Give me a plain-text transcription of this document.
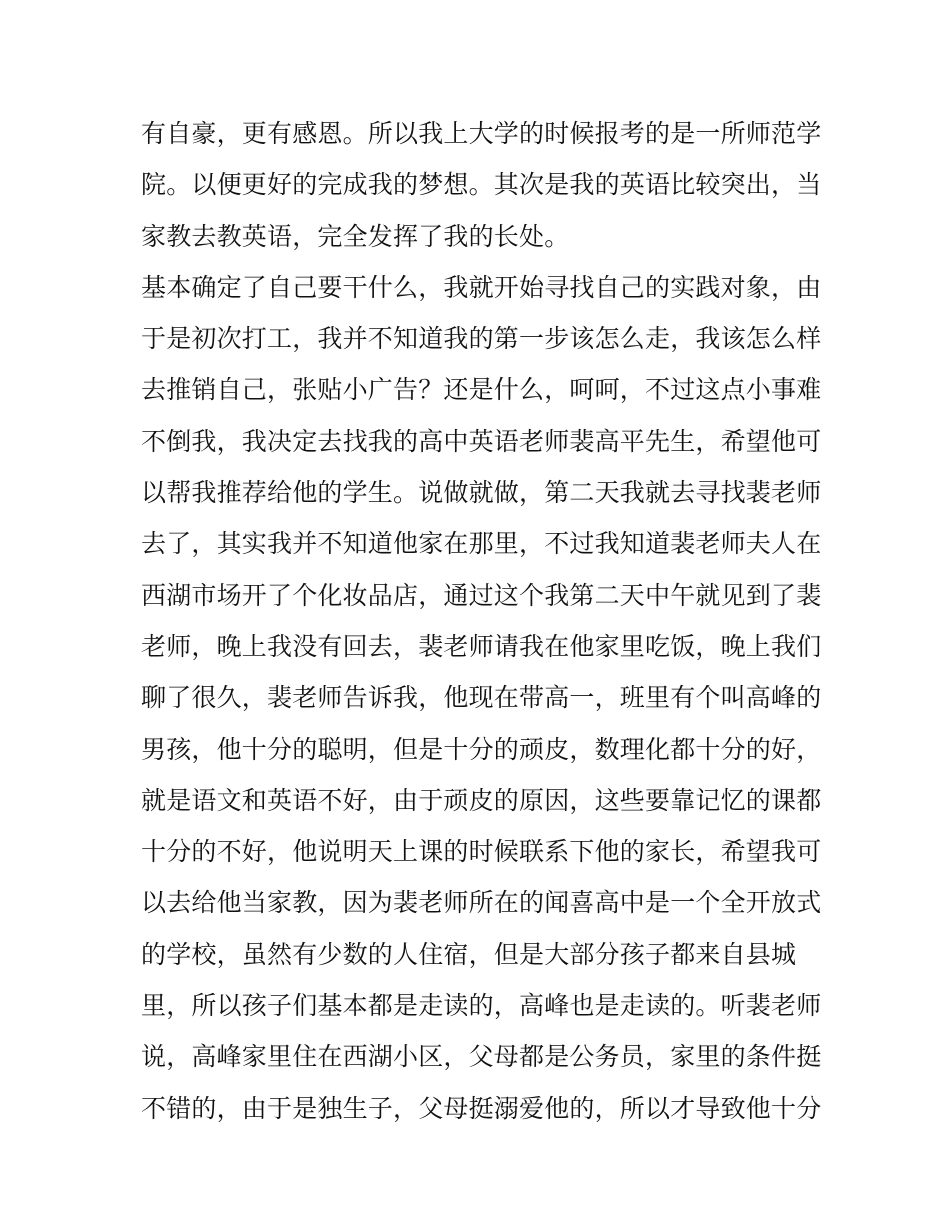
有自豪，更有感恩。所以我上大学的时候报考的是一所师范学
院。以便更好的完成我的梦想。其次是我的英语比较突出，当
家教去教英语，完全发挥了我的长处。
基本确定了自己要干什么，我就开始寻找自己的实践对象，由
于是初次打工，我并不知道我的第一步该怎么走，我该怎么样
去推销自己，张贴小广告？还是什么，呵呵，不过这点小事难
不倒我，我决定去找我的高中英语老师裴高平先生，希望他可
以帮我推荐给他的学生。说做就做，第二天我就去寻找裴老师
去了，其实我并不知道他家在那里，不过我知道裴老师夫人在
西湖市场开了个化妆品店，通过这个我第二天中午就见到了裴
老师，晚上我没有回去，裴老师请我在他家里吃饭，晚上我们
聊了很久，裴老师告诉我，他现在带高一，班里有个叫高峰的
男孩，他十分的聪明，但是十分的顽皮，数理化都十分的好，
就是语文和英语不好，由于顽皮的原因，这些要靠记忆的课都
十分的不好，他说明天上课的时候联系下他的家长，希望我可
以去给他当家教，因为裴老师所在的闻喜高中是一个全开放式
的学校，虽然有少数的人住宿，但是大部分孩子都来自县城
里，所以孩子们基本都是走读的，高峰也是走读的。听裴老师
说，高峰家里住在西湖小区，父母都是公务员，家里的条件挺
不错的，由于是独生子，父母挺溺爱他的，所以才导致他十分
